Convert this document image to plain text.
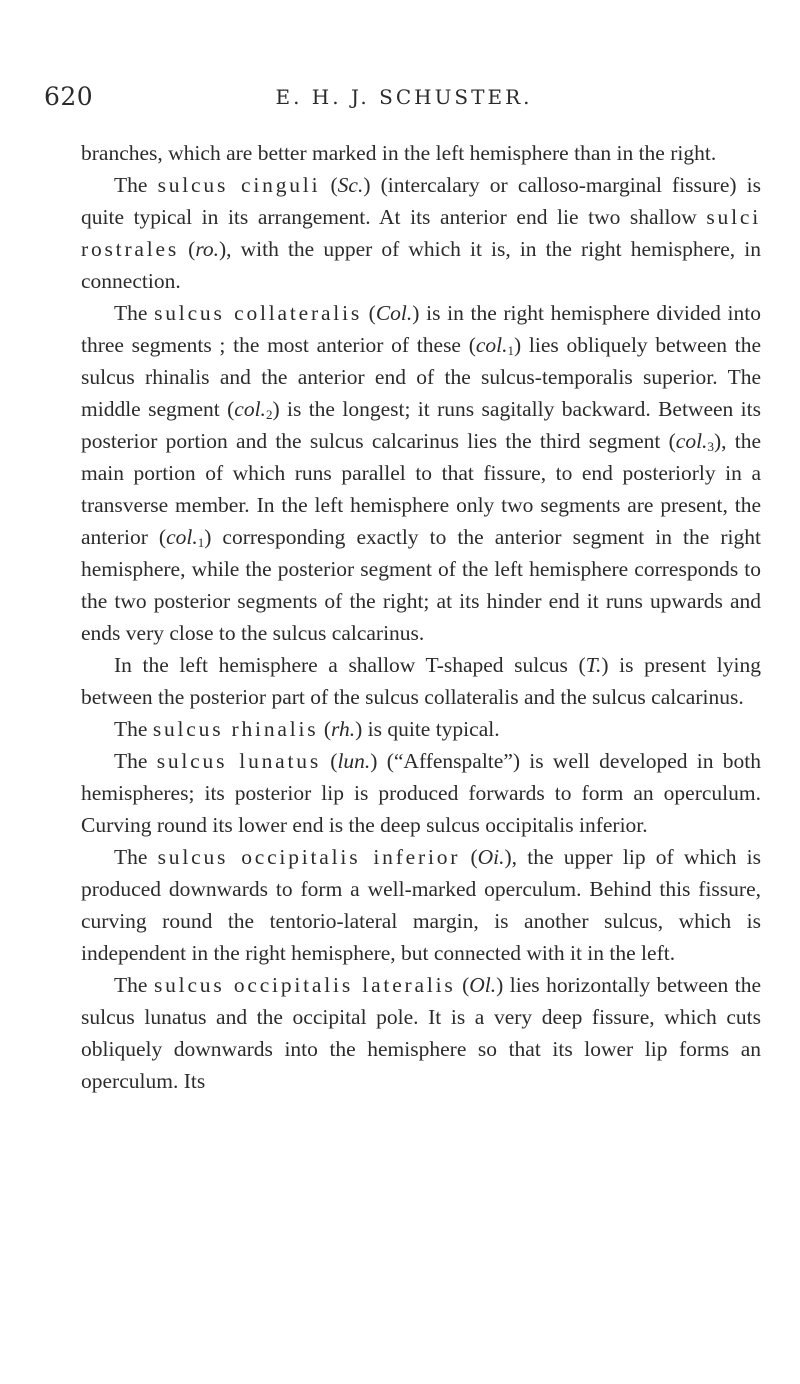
620	E. H. J. SCHUSTER.

branches, which are better marked in the left hemisphere than in the right.

The sulcus cinguli (Sc.) (intercalary or calloso-marginal fissure) is quite typical in its arrangement. At its anterior end lie two shallow sulci rostrales (ro.), with the upper of which it is, in the right hemisphere, in connection.

The sulcus collateralis (Col.) is in the right hemisphere divided into three segments ; the most anterior of these $(col._1)$ lies obliquely between the sulcus rhinalis and the anterior end of the sulcus-temporalis superior. The middle segment $(col._2)$ is the longest; it runs sagitally backward. Between its posterior portion and the sulcus calcarinus lies the third segment $(col._3)$, the main portion of which runs parallel to that fissure, to end posteriorly in a transverse member. In the left hemisphere only two segments are present, the anterior $(col._1)$ corresponding exactly to the anterior segment in the right hemisphere, while the posterior segment of the left hemisphere corresponds to the two posterior segments of the right; at its hinder end it runs upwards and ends very close to the sulcus calcarinus.

In the left hemisphere a shallow T-shaped sulcus (T.) is present lying between the posterior part of the sulcus collateralis and the sulcus calcarinus.

The sulcus rhinalis (rh.) is quite typical.

The sulcus lunatus (lun.) (“Affenspalte”) is well developed in both hemispheres; its posterior lip is produced forwards to form an operculum. Curving round its lower end is the deep sulcus occipitalis inferior.

The sulcus occipitalis inferior (Oi.), the upper lip of which is produced downwards to form a well-marked operculum. Behind this fissure, curving round the tentorio-lateral margin, is another sulcus, which is independent in the right hemisphere, but connected with it in the left.

The sulcus occipitalis lateralis (Ol.) lies horizontally between the sulcus lunatus and the occipital pole. It is a very deep fissure, which cuts obliquely downwards into the hemisphere so that its lower lip forms an operculum. Its
